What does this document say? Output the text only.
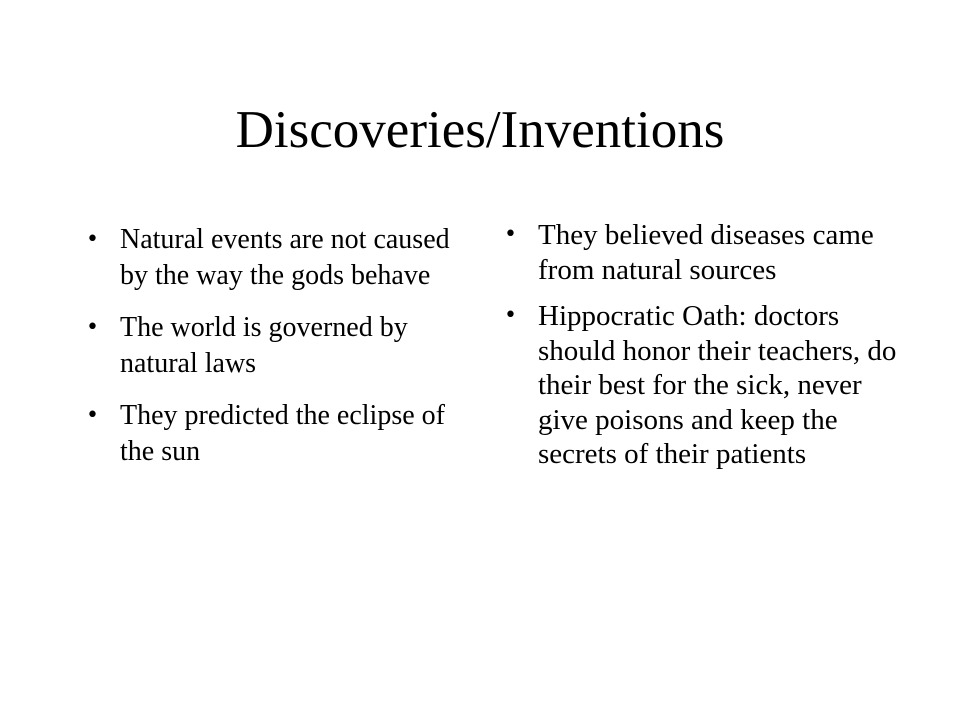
Discoveries/Inventions
• Natural events are not caused by the way the gods behave
• The world is governed by natural laws
• They predicted the eclipse of the sun
• They believed diseases came from natural sources
• Hippocratic Oath: doctors should honor their teachers, do their best for the sick, never give poisons and keep the secrets of their patients
